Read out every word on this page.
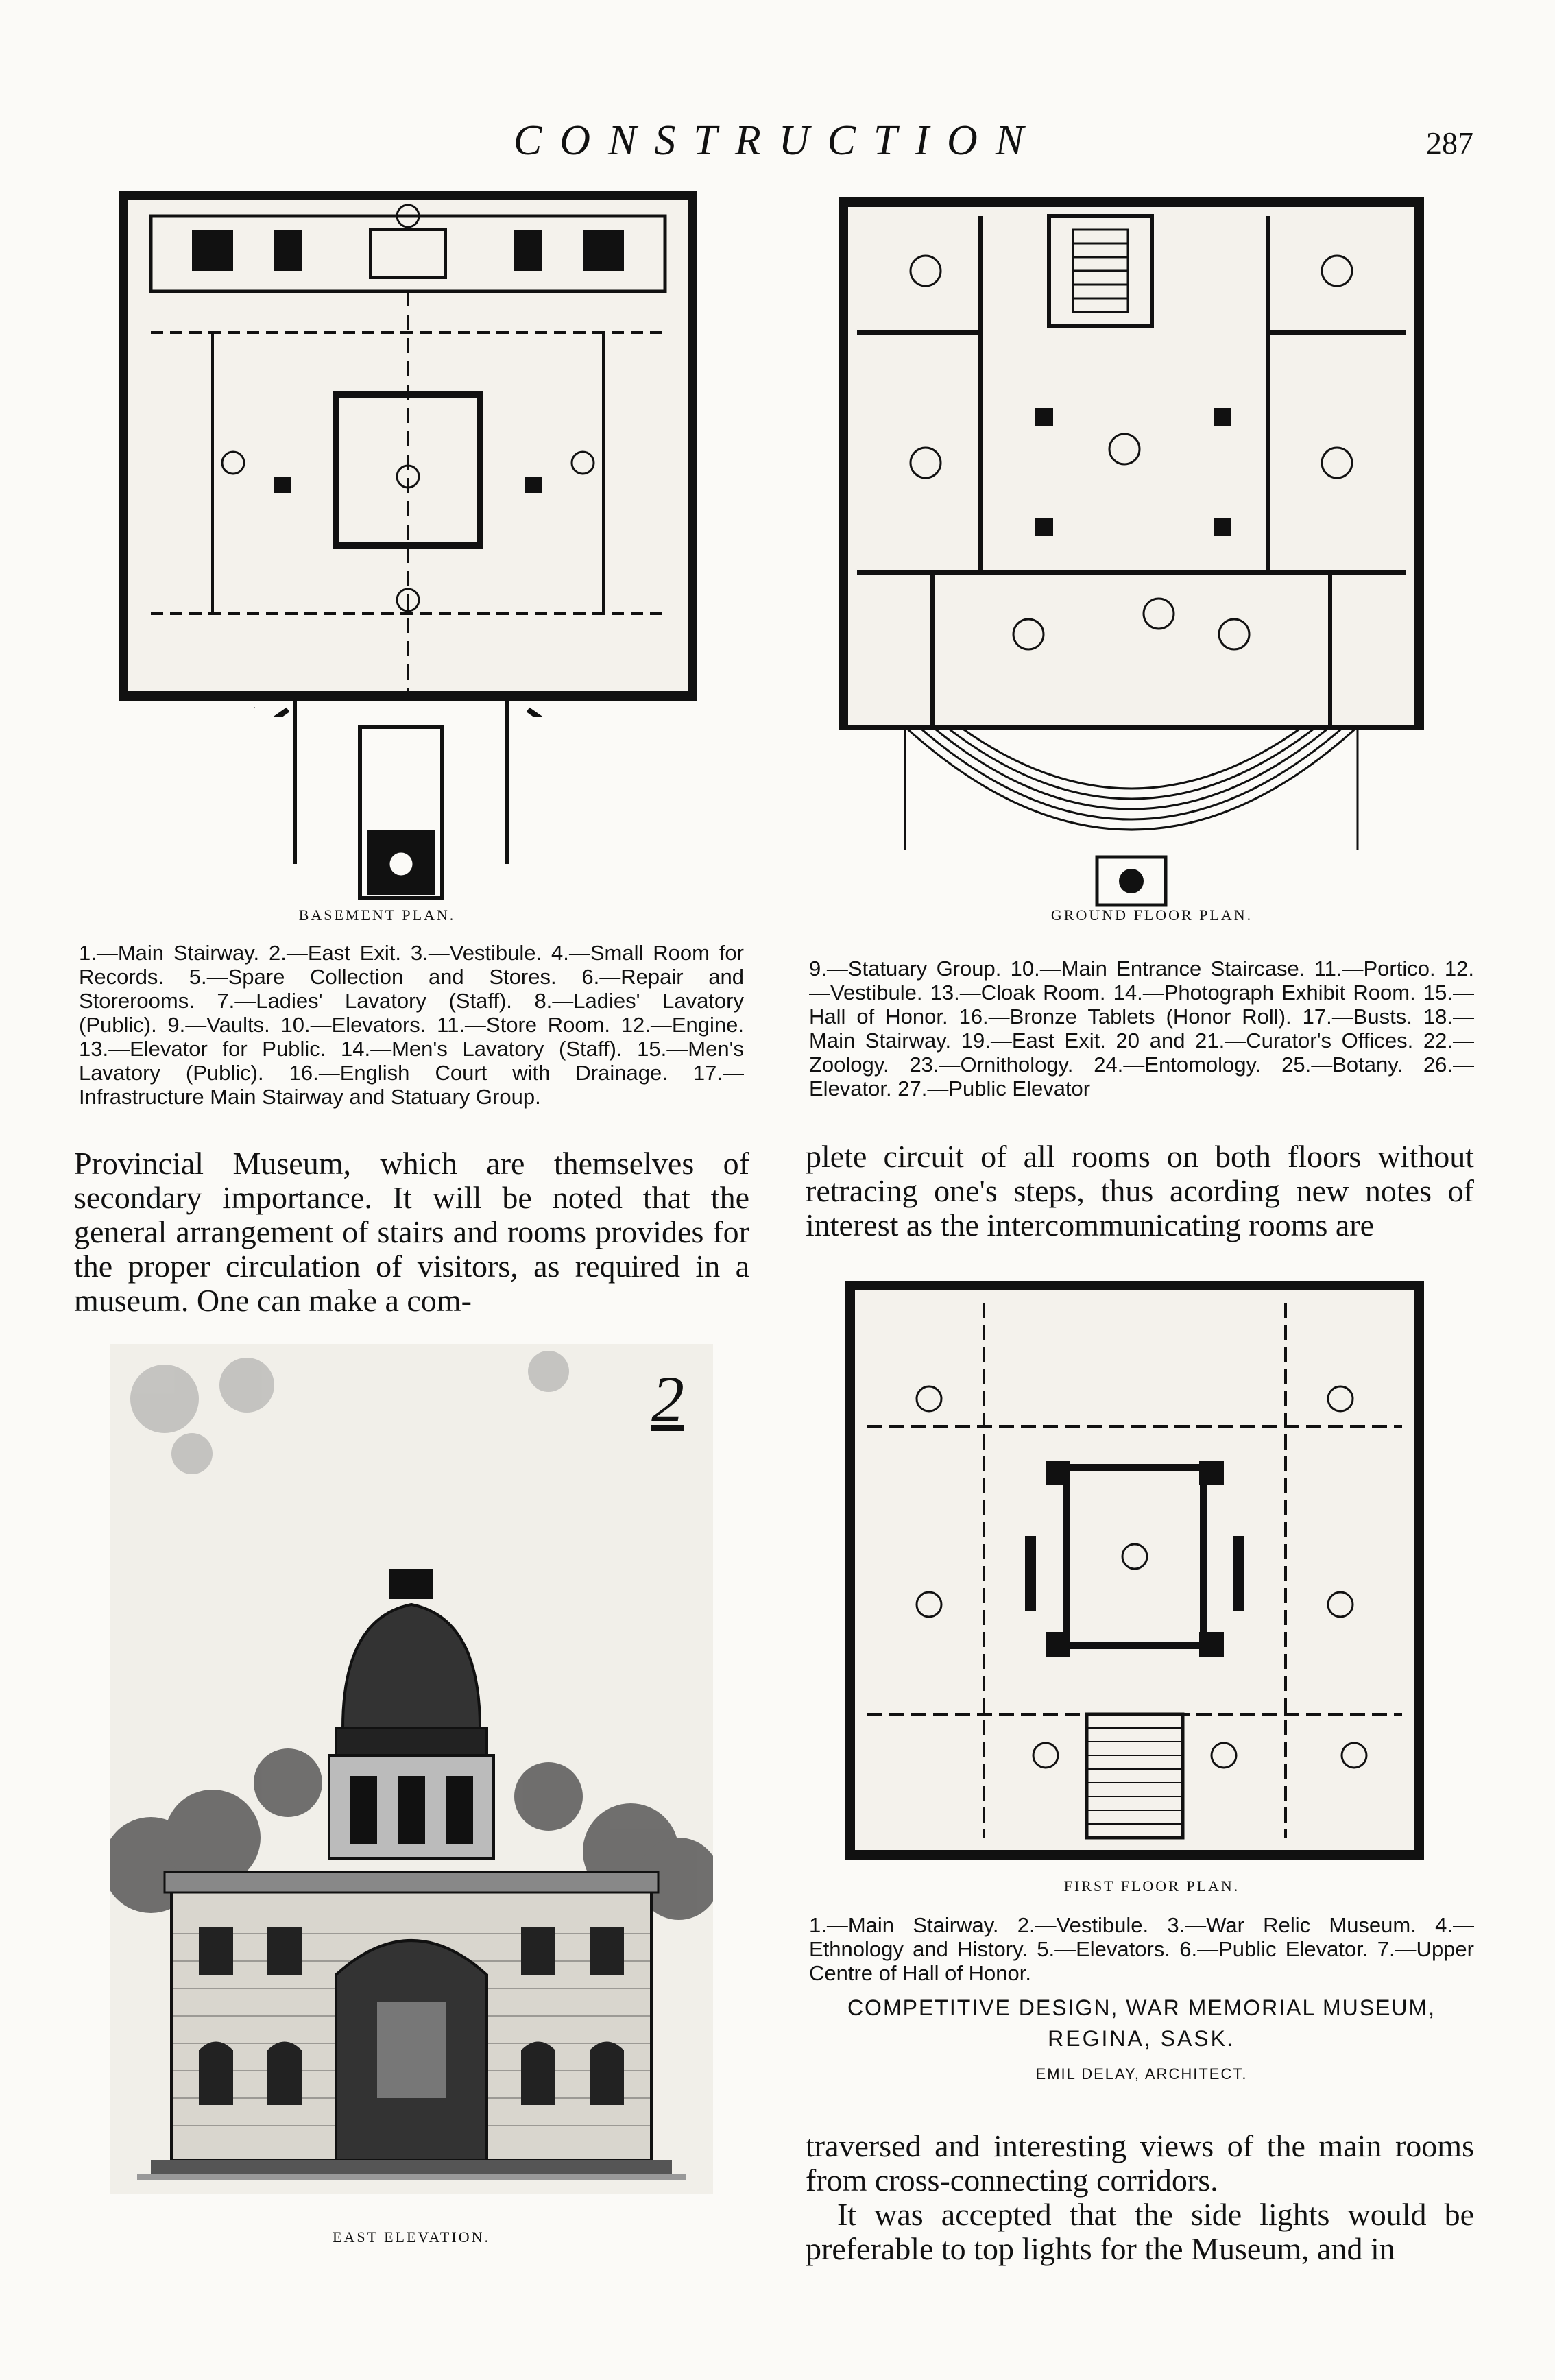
CONSTRUCTION	287
BASEMENT PLAN.	GROUND FLOOR PLAN.
1.—Main Stairway. 2.—East Exit. 3.—Vestibule. 4.—Small Room for Records. 5.—Spare Collection and Stores. 6.—Repair and Storerooms. 7.—Ladies' Lavatory (Staff). 8.—Ladies' Lavatory (Public). 9.—Vaults. 10.—Elevators. 11.—Store Room. 12.—Engine. 13.—Elevator for Public. 14.—Men's Lavatory (Staff). 15.—Men's Lavatory (Public). 16.—English Court with Drainage. 17.—Infrastructure Main Stairway and Statuary Group.
9.—Statuary Group. 10.—Main Entrance Staircase. 11.—Portico. 12.—Vestibule. 13.—Cloak Room. 14.—Photograph Exhibit Room. 15.—Hall of Honor. 16.—Bronze Tablets (Honor Roll). 17.—Busts. 18.—Main Stairway. 19.—East Exit. 20 and 21.—Curator's Offices. 22.—Zoology. 23.—Ornithology. 24.—Entomology. 25.—Botany. 26.—Elevator. 27.—Public Elevator

Provincial Museum, which are themselves of secondary importance. It will be noted that the general arrangement of stairs and rooms provides for the proper circulation of visitors, as required in a museum. One can make a com-

plete circuit of all rooms on both floors without retracing one's steps, thus acording new notes of interest as the intercommunicating rooms are

2
EAST ELEVATION.
FIRST FLOOR PLAN.
1.—Main Stairway. 2.—Vestibule. 3.—War Relic Museum. 4.—Ethnology and History. 5.—Elevators. 6.—Public Elevator. 7.—Upper Centre of Hall of Honor.
COMPETITIVE DESIGN, WAR MEMORIAL MUSEUM,
REGINA, SASK.
EMIL DELAY, ARCHITECT.

traversed and interesting views of the main rooms from cross-connecting corridors.

It was accepted that the side lights would be preferable to top lights for the Museum, and in
